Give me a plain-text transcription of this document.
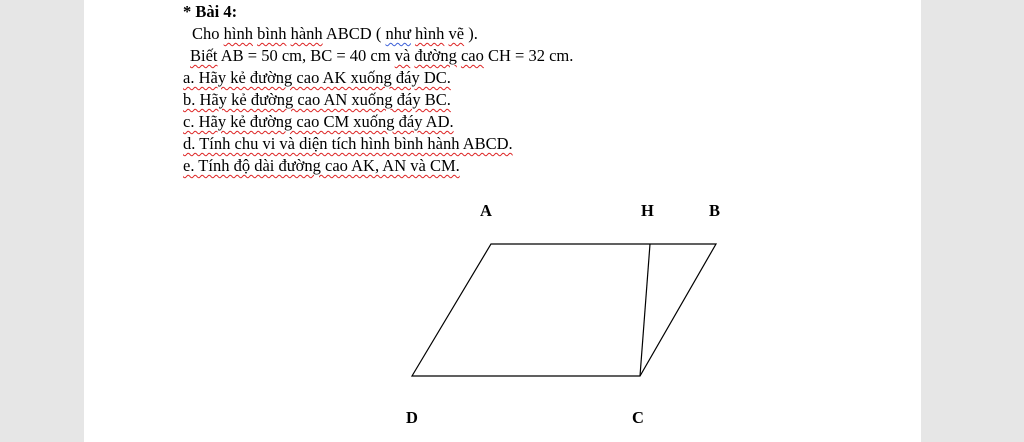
* Bài 4:
Cho hình bình hành ABCD ( như hình vẽ ).
Biết AB = 50 cm, BC = 40 cm và đường cao CH = 32 cm.
a. Hãy kẻ đường cao AK xuống đáy DC.
b. Hãy kẻ đường cao AN xuống đáy BC.
c. Hãy kẻ đường cao CM xuống đáy AD.
d. Tính chu vi và diện tích hình bình hành ABCD.
e. Tính độ dài đường cao AK, AN và CM.
A	H	B
D	C
